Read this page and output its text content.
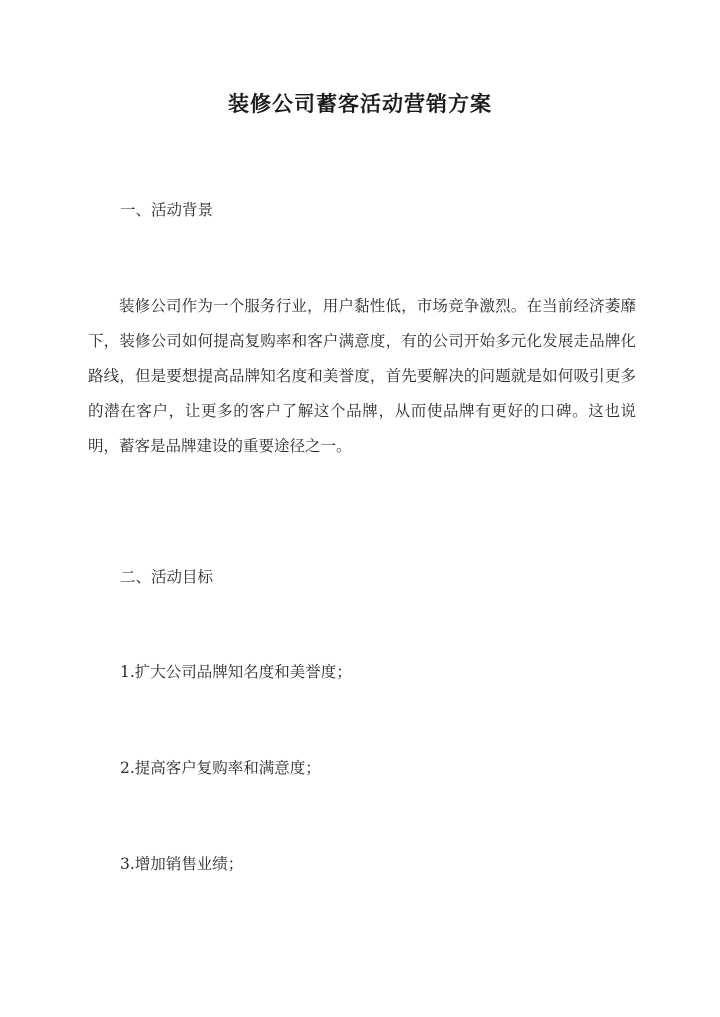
装修公司蓄客活动营销方案
一、活动背景
装修公司作为一个服务行业，用户黏性低，市场竞争激烈。在当前经济萎靡下，装修公司如何提高复购率和客户满意度，有的公司开始多元化发展走品牌化路线，但是要想提高品牌知名度和美誉度，首先要解决的问题就是如何吸引更多的潜在客户，让更多的客户了解这个品牌，从而使品牌有更好的口碑。这也说明，蓄客是品牌建设的重要途径之一。
二、活动目标
1.扩大公司品牌知名度和美誉度；
2.提高客户复购率和满意度；
3.增加销售业绩；
